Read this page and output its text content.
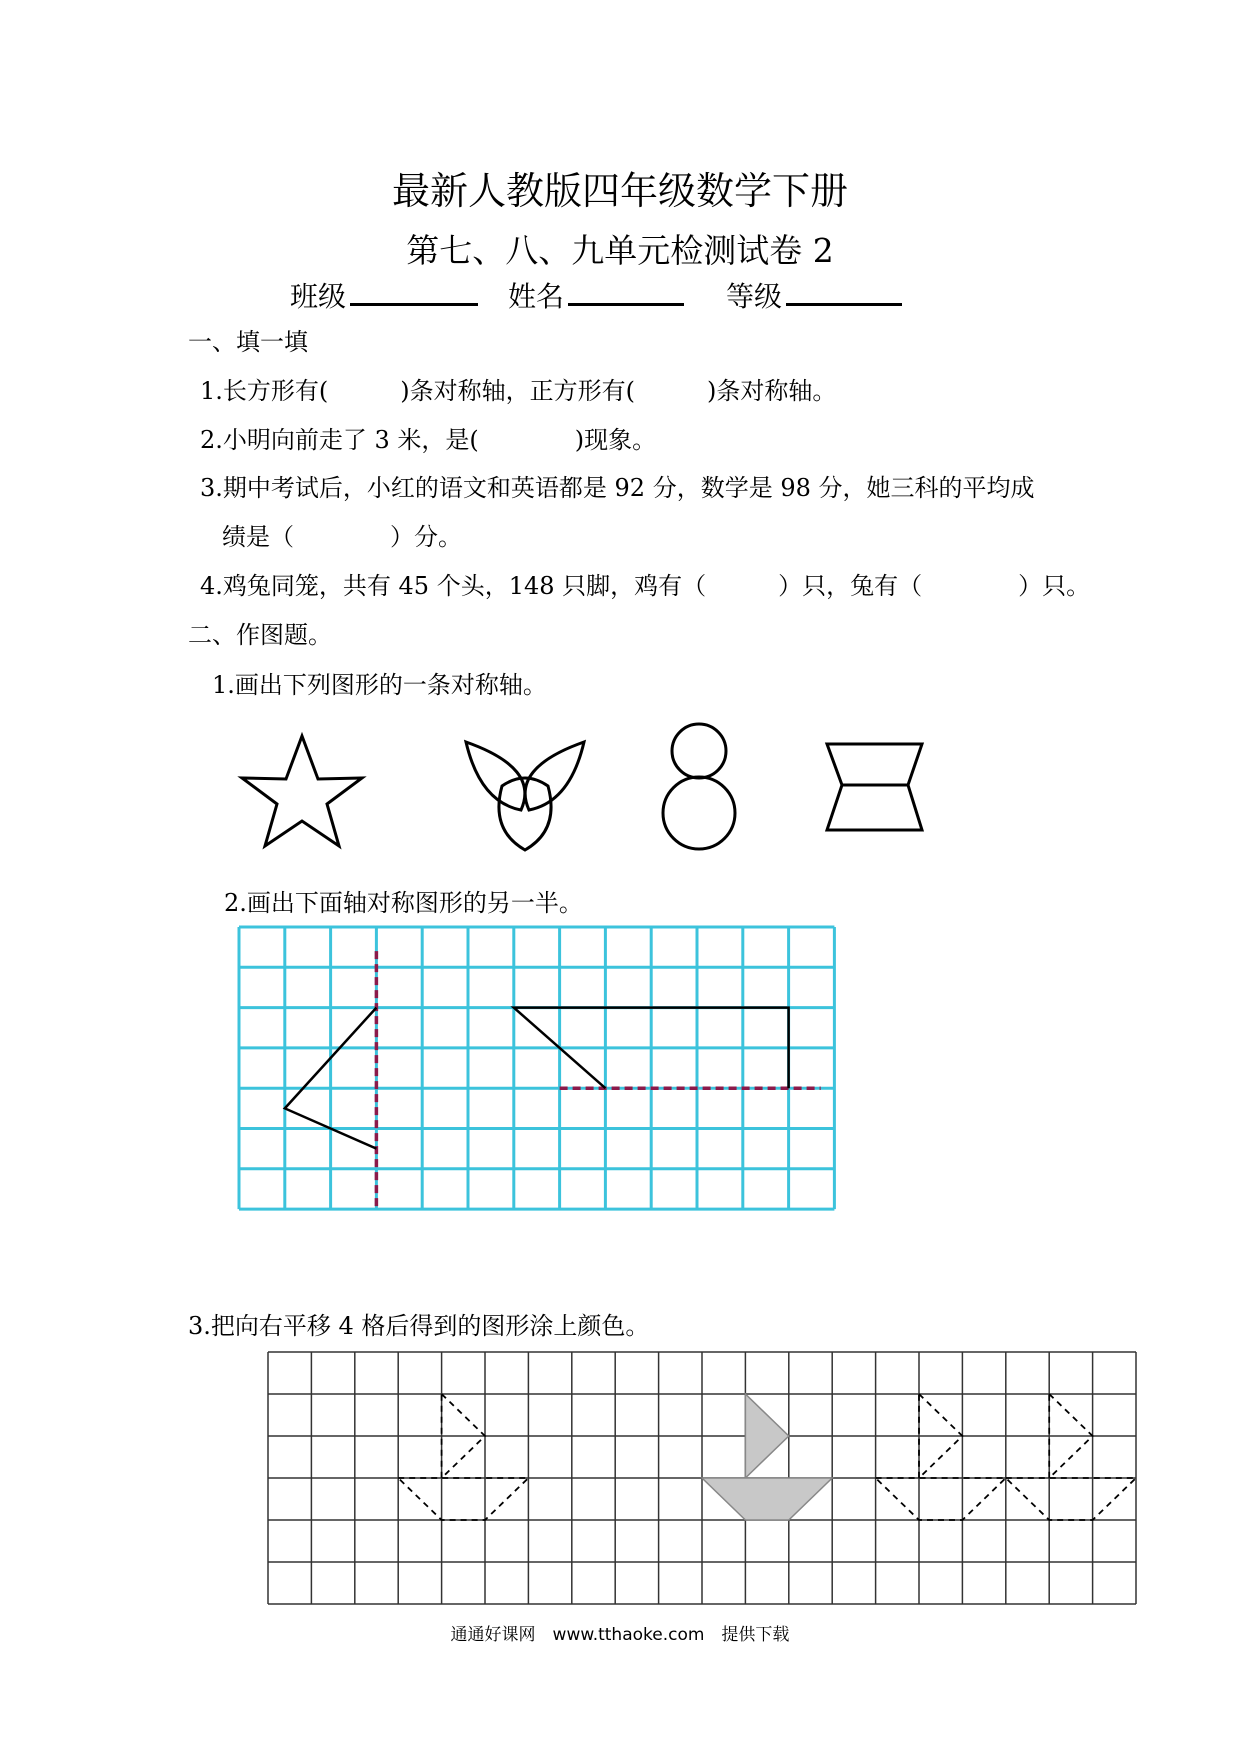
最新人教版四年级数学下册
第七、八、九单元检测试卷 2
班级	姓名	等级
一、填一填
1.长方形有(　　　)条对称轴，正方形有(　　　)条对称轴。
2.小明向前走了 3 米，是(　　　　)现象。
3.期中考试后，小红的语文和英语都是 92 分，数学是 98 分，她三科的平均成
绩是（　　　　）分。
4.鸡兔同笼，共有 45 个头，148 只脚，鸡有（　　　）只，兔有（　　　　）只。
二、作图题。
1.画出下列图形的一条对称轴。
2.画出下面轴对称图形的另一半。
3.把向右平移 4 格后得到的图形涂上颜色。
通通好课网　www.tthaoke.com　提供下载
